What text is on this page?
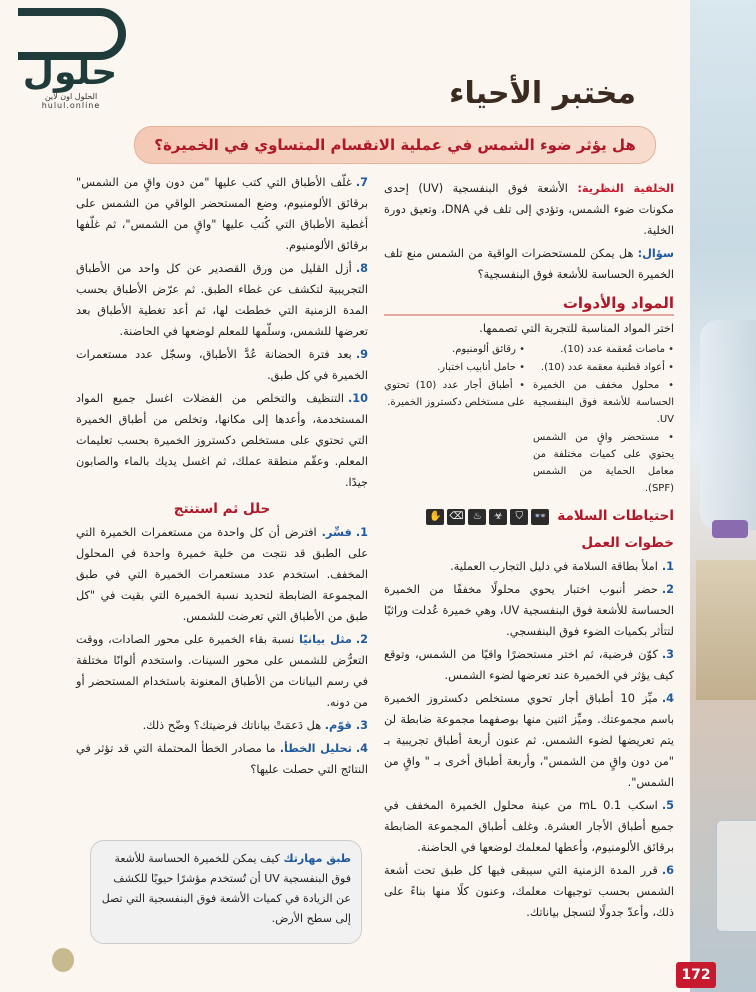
حلول
الحلول اون لاين
hulul.online	مختبر الأحياء
هل يؤثر ضوء الشمس في عملية الانقسام المتساوي في الخميرة؟

الخلفية النظرية: الأشعة فوق البنفسجية (UV) إحدى مكونات ضوء الشمس، وتؤدي إلى تلف في DNA، وتعيق دورة الخلية.

سؤال: هل يمكن للمستحضرات الواقية من الشمس منع تلف الخميرة الحساسة للأشعة فوق البنفسجية؟

المواد والأدوات

اختر المواد المناسبة للتجربة التي تصممها.

• ماصات مُعقمة عدد (10).
• أعواد قطنية معقمة عدد (10).
• محلول مخفف من الخميرة الحساسة للأشعة فوق البنفسجية UV.
• مستحضر واقٍ من الشمس يحتوي على كميات مختلفة من معامل الحماية من الشمس (SPF).
• رقائق ألومنيوم.
• حامل أنابيب اختبار.
• أطباق أجار عدد (10) تحتوي على مستخلص دكستروز الخميرة.
احتياطات السلامة
👓
⛉
☣
♨
⌫
✋
خطوات العمل

1.املأ بطاقة السلامة في دليل التجارب العملية.

2.حضر أنبوب اختبار يحوي محلولًا مخففًا من الخميرة الحساسة للأشعة فوق البنفسجية UV، وهي خميرة عُدلت وراثيًا لتتأثر بكميات الضوء فوق البنفسجي.

3.كوّن فرضية، ثم اختر مستحضرًا واقيًا من الشمس، وتوقع كيف يؤثر في الخميرة عند تعرضها لضوء الشمس.

4.ميِّز 10 أطباق أجار تحوي مستخلص دكستروز الخميرة باسم مجموعتك. وميِّز اثنين منها بوصفهما مجموعة ضابطة لن يتم تعريضها لضوء الشمس. ثم عنون أربعة أطباق تجريبية بـ "من دون واقٍ من الشمس"، وأربعة أطباق أخرى بـ " واقٍ من الشمس".

5.اسكب 0.1 mL من عينة محلول الخميرة المخفف في جميع أطباق الأجار العشرة. وغلف أطباق المجموعة الضابطة برقائق الألومنيوم، وأعطها لمعلمك لوضعها في الحاضنة.

6.قرر المدة الزمنية التي سيبقى فيها كل طبق تحت أشعة الشمس بحسب توجيهات معلمك، وعنون كلًا منها بناءً على ذلك، وأعدّ جدولًا لتسجل بياناتك.

7.غلّف الأطباق التي كتب عليها "من دون واقٍ من الشمس" برقائق الألومنيوم، وضع المستحضر الواقي من الشمس على أغطية الأطباق التي كُتب عليها "واقٍ من الشمس"، ثم غلّفها برقائق الألومنيوم.

8.أزل القليل من ورق القصدير عن كل واحد من الأطباق التجريبية لتكشف عن غطاء الطبق. ثم عرّض الأطباق بحسب المدة الزمنية التي خططت لها، ثم أعد تغطية الأطباق بعد تعرضها للشمس، وسلّمها للمعلم لوضعها في الحاضنة.

9.بعد فترة الحضانة عُدَّ الأطباق، وسجّل عدد مستعمرات الخميرة في كل طبق.

10.التنظيف والتخلص من الفضلات اغسل جميع المواد المستخدمة، وأعدها إلى مكانها، وتخلص من أطباق الخميرة التي تحتوي على مستخلص دكستروز الخميرة بحسب تعليمات المعلم. وعقّم منطقة عملك، ثم اغسل يديك بالماء والصابون جيدًا.

حلل ثم استنتج

1.فسِّر. افترض أن كل واحدة من مستعمرات الخميرة التي على الطبق قد نتجت من خلية خميرة واحدة في المحلول المخفف. استخدم عدد مستعمرات الخميرة التي في طبق المجموعة الضابطة لتحديد نسبة الخميرة التي بقيت في "كل طبق من الأطباق التي تعرضت للشمس.

2.مثل بيانيًا نسبة بقاء الخميرة على محور الصادات، ووقت التعرُّض للشمس على محور السينات. واستخدم ألوانًا مختلفة في رسم البيانات من الأطباق المعنونة باستخدام المستحضر أو من دونه.

3.قوّم. هل دَعمَتْ بياناتك فرضيتك؟ وضّح ذلك.

4.تحليل الخطأ. ما مصادر الخطأ المحتملة التي قد تؤثر في النتائج التي حصلت عليها؟

طبق مهارتك كيف يمكن للخميرة الحساسة للأشعة فوق البنفسجية UV أن تُستخدم مؤشرًا حيويًا للكشف عن الزيادة في كميات الأشعة فوق البنفسجية التي تصل إلى سطح الأرض.
172
